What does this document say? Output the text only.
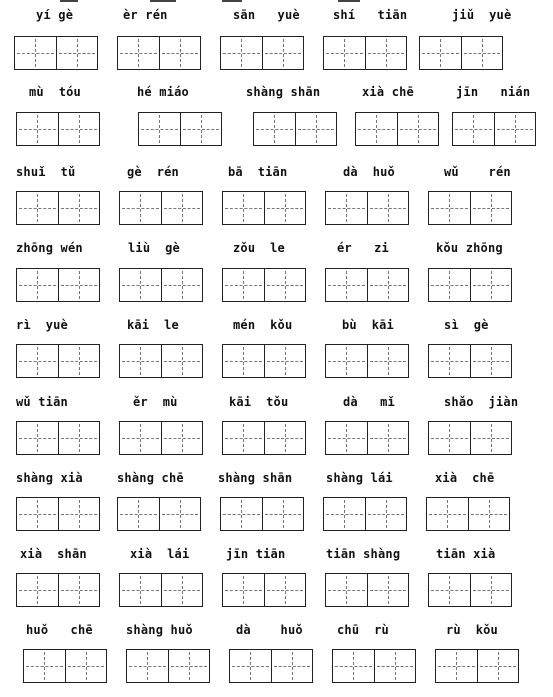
yí gè	èr rén	sān   yuè	shí   tiān	jiǔ  yuè
mù  tóu	hé miáo	shàng shān	xià chē	jīn   nián
shuǐ  tǔ	gè  rén	bā  tiān	dà  huǒ	wǔ    rén
zhōng wén	liù  gè	zǒu  le	ér   zi	kǒu zhōng
rì  yuè	kāi  le	mén  kǒu	bù  kāi	sì  gè
wǔ tiān	ěr  mù	kāi  tǒu	dà   mǐ	shǎo  jiàn
shàng xià	shàng chē	shàng shān	shàng lái	xià  chē
xià  shān	xià  lái	jīn tiān	tiān shàng	tiān xià
huǒ   chē	shàng huǒ	dà    huǒ	chū  rù	rù  kǒu
